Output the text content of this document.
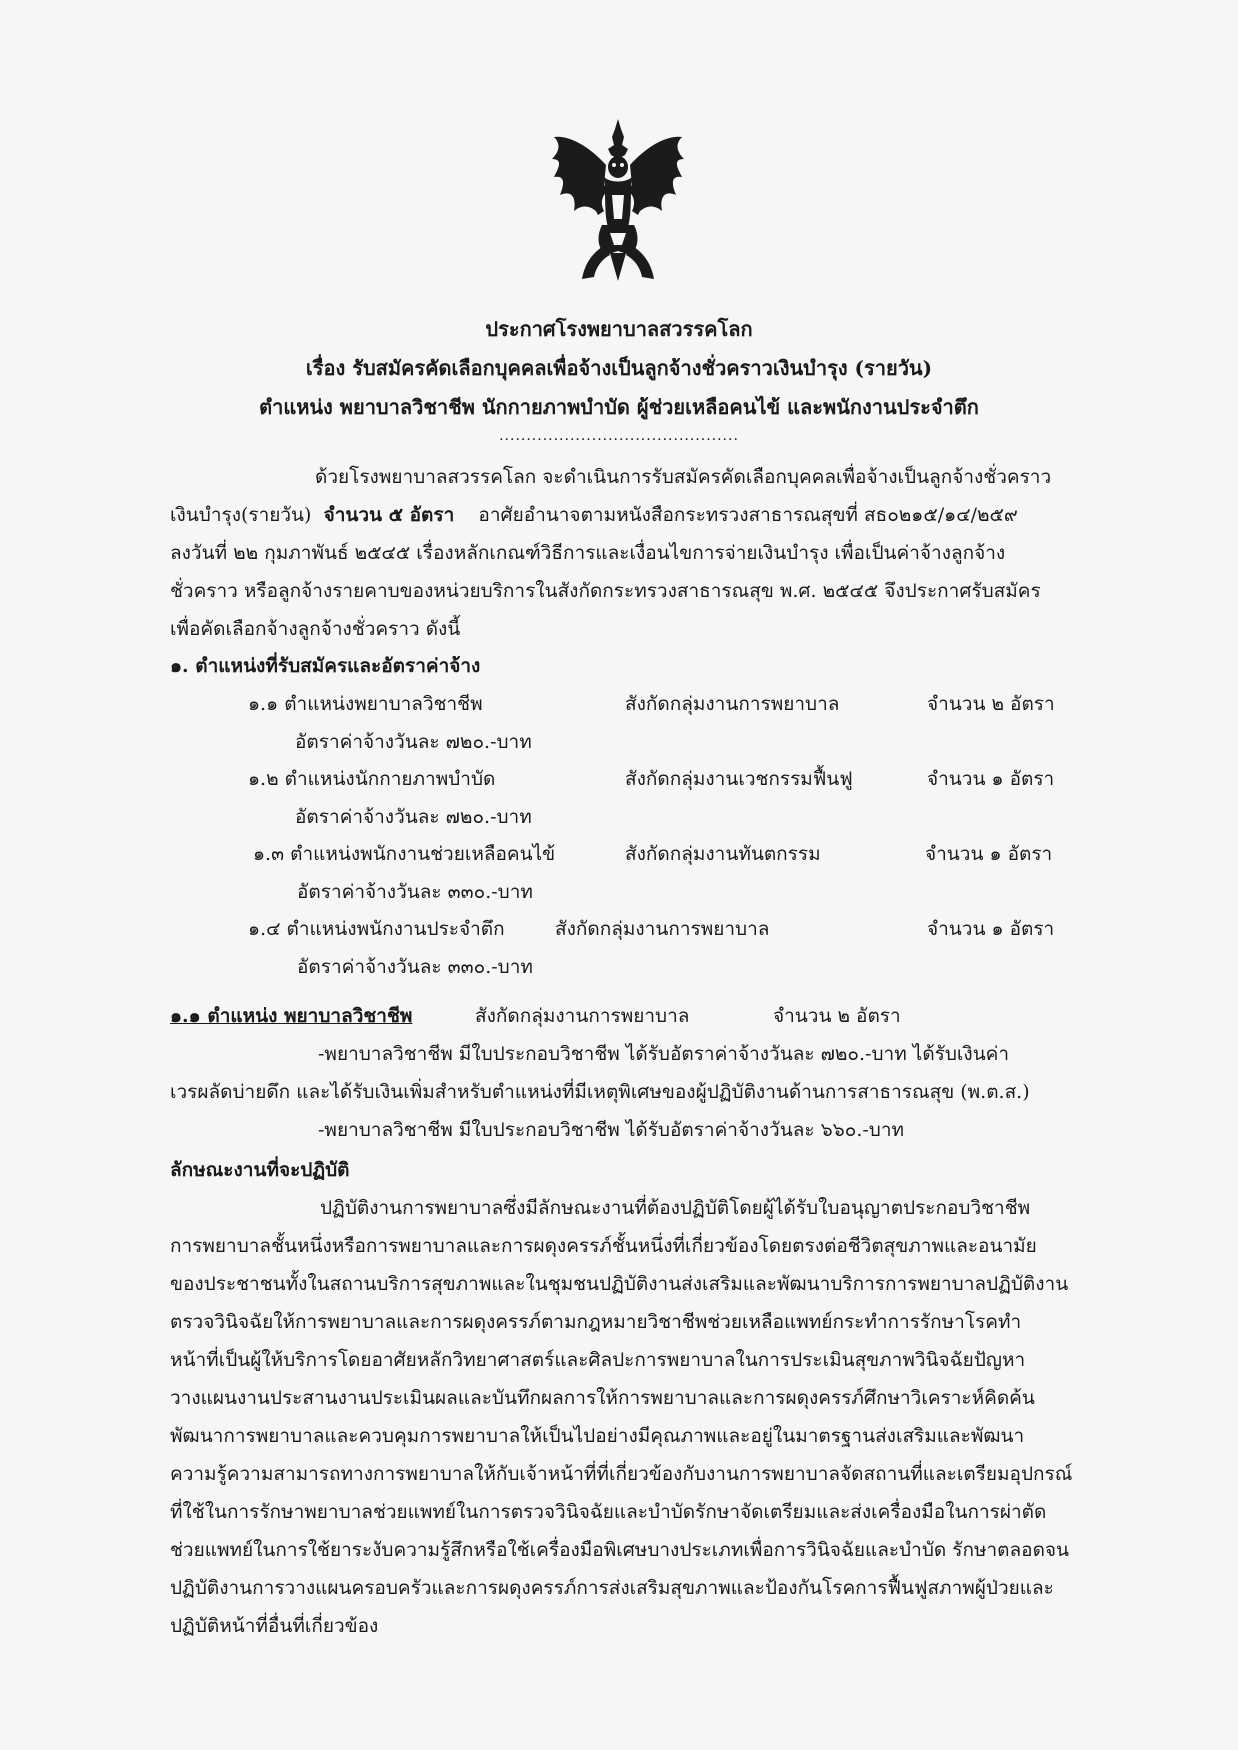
ประกาศโรงพยาบาลสวรรคโลก
เรื่อง รับสมัครคัดเลือกบุคคลเพื่อจ้างเป็นลูกจ้างชั่วคราวเงินบำรุง (รายวัน)
ตำแหน่ง พยาบาลวิชาชีพ นักกายภาพบำบัด ผู้ช่วยเหลือคนไข้ และพนักงานประจำตึก
............................................
ด้วยโรงพยาบาลสวรรคโลก จะดำเนินการรับสมัครคัดเลือกบุคคลเพื่อจ้างเป็นลูกจ้างชั่วคราว
เงินบำรุง(รายวัน) จำนวน ๕ อัตรา อาศัยอำนาจตามหนังสือกระทรวงสาธารณสุขที่ สธ๐๒๑๕/๑๔/๒๕๙
ลงวันที่ ๒๒ กุมภาพันธ์ ๒๕๔๕ เรื่องหลักเกณฑ์วิธีการและเงื่อนไขการจ่ายเงินบำรุง เพื่อเป็นค่าจ้างลูกจ้าง
ชั่วคราว หรือลูกจ้างรายคาบของหน่วยบริการในสังกัดกระทรวงสาธารณสุข พ.ศ. ๒๕๔๕ จึงประกาศรับสมัคร
เพื่อคัดเลือกจ้างลูกจ้างชั่วคราว ดังนี้
๑. ตำแหน่งที่รับสมัครและอัตราค่าจ้าง
๑.๑ ตำแหน่งพยาบาลวิชาชีพ	สังกัดกลุ่มงานการพยาบาล	จำนวน ๒ อัตรา
อัตราค่าจ้างวันละ ๗๒๐.-บาท
๑.๒ ตำแหน่งนักกายภาพบำบัด	สังกัดกลุ่มงานเวชกรรมฟื้นฟู	จำนวน ๑ อัตรา
อัตราค่าจ้างวันละ ๗๒๐.-บาท
๑.๓ ตำแหน่งพนักงานช่วยเหลือคนไข้	สังกัดกลุ่มงานทันตกรรม	จำนวน ๑ อัตรา
อัตราค่าจ้างวันละ ๓๓๐.-บาท
๑.๔ ตำแหน่งพนักงานประจำตึก	สังกัดกลุ่มงานการพยาบาล	จำนวน ๑ อัตรา
อัตราค่าจ้างวันละ ๓๓๐.-บาท
๑.๑ ตำแหน่ง พยาบาลวิชาชีพ	สังกัดกลุ่มงานการพยาบาล	จำนวน ๒ อัตรา
-พยาบาลวิชาชีพ มีใบประกอบวิชาชีพ ได้รับอัตราค่าจ้างวันละ ๗๒๐.-บาท ได้รับเงินค่า
เวรผลัดบ่ายดึก และได้รับเงินเพิ่มสำหรับตำแหน่งที่มีเหตุพิเศษของผู้ปฏิบัติงานด้านการสาธารณสุข (พ.ต.ส.)
-พยาบาลวิชาชีพ มีใบประกอบวิชาชีพ ได้รับอัตราค่าจ้างวันละ ๖๖๐.-บาท
ลักษณะงานที่จะปฏิบัติ
ปฏิบัติงานการพยาบาลซึ่งมีลักษณะงานที่ต้องปฏิบัติโดยผู้ได้รับใบอนุญาตประกอบวิชาชีพ
การพยาบาลชั้นหนึ่งหรือการพยาบาลและการผดุงครรภ์ชั้นหนึ่งที่เกี่ยวข้องโดยตรงต่อชีวิตสุขภาพและอนามัย
ของประชาชนทั้งในสถานบริการสุขภาพและในชุมชนปฏิบัติงานส่งเสริมและพัฒนาบริการการพยาบาลปฏิบัติงาน
ตรวจวินิจฉัยให้การพยาบาลและการผดุงครรภ์ตามกฎหมายวิชาชีพช่วยเหลือแพทย์กระทำการรักษาโรคทำ
หน้าที่เป็นผู้ให้บริการโดยอาศัยหลักวิทยาศาสตร์และศิลปะการพยาบาลในการประเมินสุขภาพวินิจฉัยปัญหา
วางแผนงานประสานงานประเมินผลและบันทึกผลการให้การพยาบาลและการผดุงครรภ์ศึกษาวิเคราะห์คิดค้น
พัฒนาการพยาบาลและควบคุมการพยาบาลให้เป็นไปอย่างมีคุณภาพและอยู่ในมาตรฐานส่งเสริมและพัฒนา
ความรู้ความสามารถทางการพยาบาลให้กับเจ้าหน้าที่ที่เกี่ยวข้องกับงานการพยาบาลจัดสถานที่และเตรียมอุปกรณ์
ที่ใช้ในการรักษาพยาบาลช่วยแพทย์ในการตรวจวินิจฉัยและบำบัดรักษาจัดเตรียมและส่งเครื่องมือในการผ่าตัด
ช่วยแพทย์ในการใช้ยาระงับความรู้สึกหรือใช้เครื่องมือพิเศษบางประเภทเพื่อการวินิจฉัยและบำบัด รักษาตลอดจน
ปฏิบัติงานการวางแผนครอบครัวและการผดุงครรภ์การส่งเสริมสุขภาพและป้องกันโรคการฟื้นฟูสภาพผู้ป่วยและ
ปฏิบัติหน้าที่อื่นที่เกี่ยวข้อง
